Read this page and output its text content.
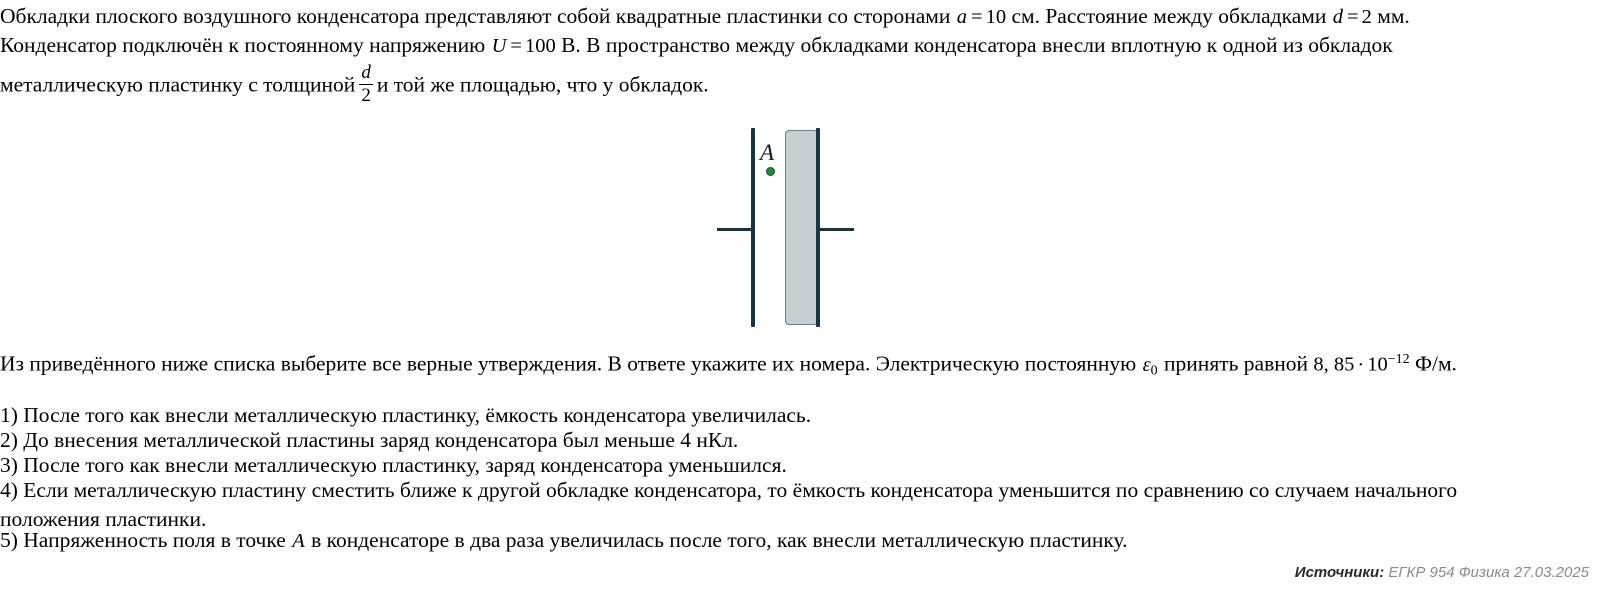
Обкладки плоского воздушного конденсатора представляют собой квадратные пластинки со сторонами a = 10 см. Расстояние между обкладками d = 2 мм.
Конденсатор подключён к постоянному напряжению U = 100 В. В пространство между обкладками конденсатора внесли вплотную к одной из обкладок
металлическую пластинку с толщиной $\frac{d}{2}$ и той же площадью, что у обкладок.
A
Из приведённого ниже списка выберите все верные утверждения. В ответе укажите их номера. Электрическую постоянную $\varepsilon_0$ принять равной 8, $85 \cdot 10^{-12}$ Ф/м.
1) После того как внесли металлическую пластинку, ёмкость конденсатора увеличилась.
2) До внесения металлической пластины заряд конденсатора был меньше 4 нКл.
3) После того как внесли металлическую пластинку, заряд конденсатора уменьшился.
4) Если металлическую пластину сместить ближе к другой обкладке конденсатора, то ёмкость конденсатора уменьшится по сравнению со случаем начального положения пластинки.
5) Напряженность поля в точке A в конденсаторе в два раза увеличилась после того, как внесли металлическую пластинку.
Источники: ЕГКР 954 Физика 27.03.2025
